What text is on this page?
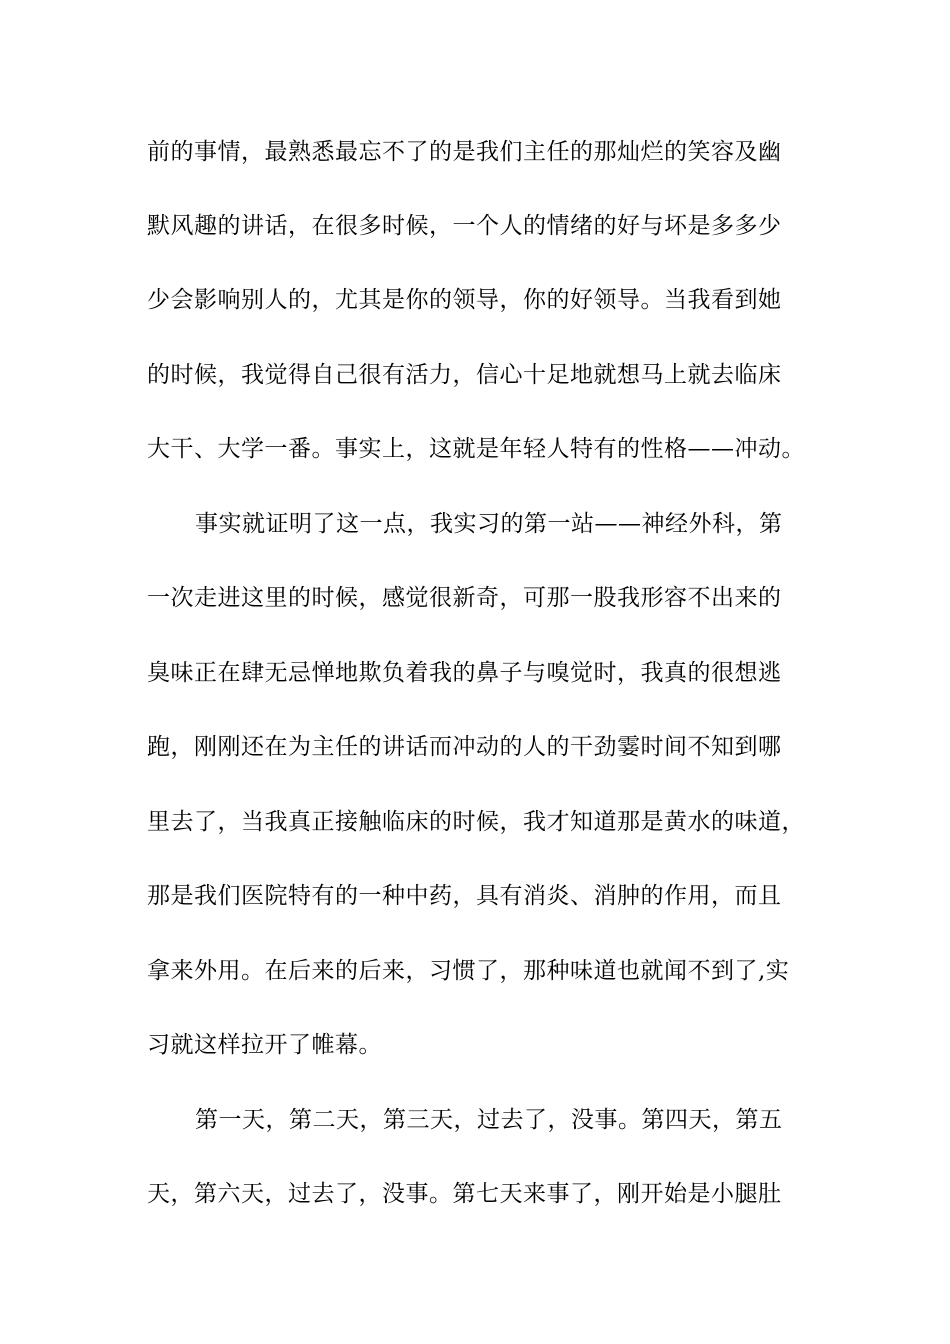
前的事情，最熟悉最忘不了的是我们主任的那灿烂的笑容及幽
默风趣的讲话，在很多时候，一个人的情绪的好与坏是多多少
少会影响别人的，尤其是你的领导，你的好领导。当我看到她
的时候，我觉得自己很有活力，信心十足地就想马上就去临床
大干、大学一番。事实上，这就是年轻人特有的性格——冲动。
事实就证明了这一点，我实习的第一站——神经外科，第
一次走进这里的时候，感觉很新奇，可那一股我形容不出来的
臭味正在肆无忌惮地欺负着我的鼻子与嗅觉时，我真的很想逃
跑，刚刚还在为主任的讲话而冲动的人的干劲霎时间不知到哪
里去了，当我真正接触临床的时候，我才知道那是黄水的味道，
那是我们医院特有的一种中药，具有消炎、消肿的作用，而且
拿来外用。在后来的后来，习惯了，那种味道也就闻不到了,实
习就这样拉开了帷幕。
第一天，第二天，第三天，过去了，没事。第四天，第五
天，第六天，过去了，没事。第七天来事了，刚开始是小腿肚
